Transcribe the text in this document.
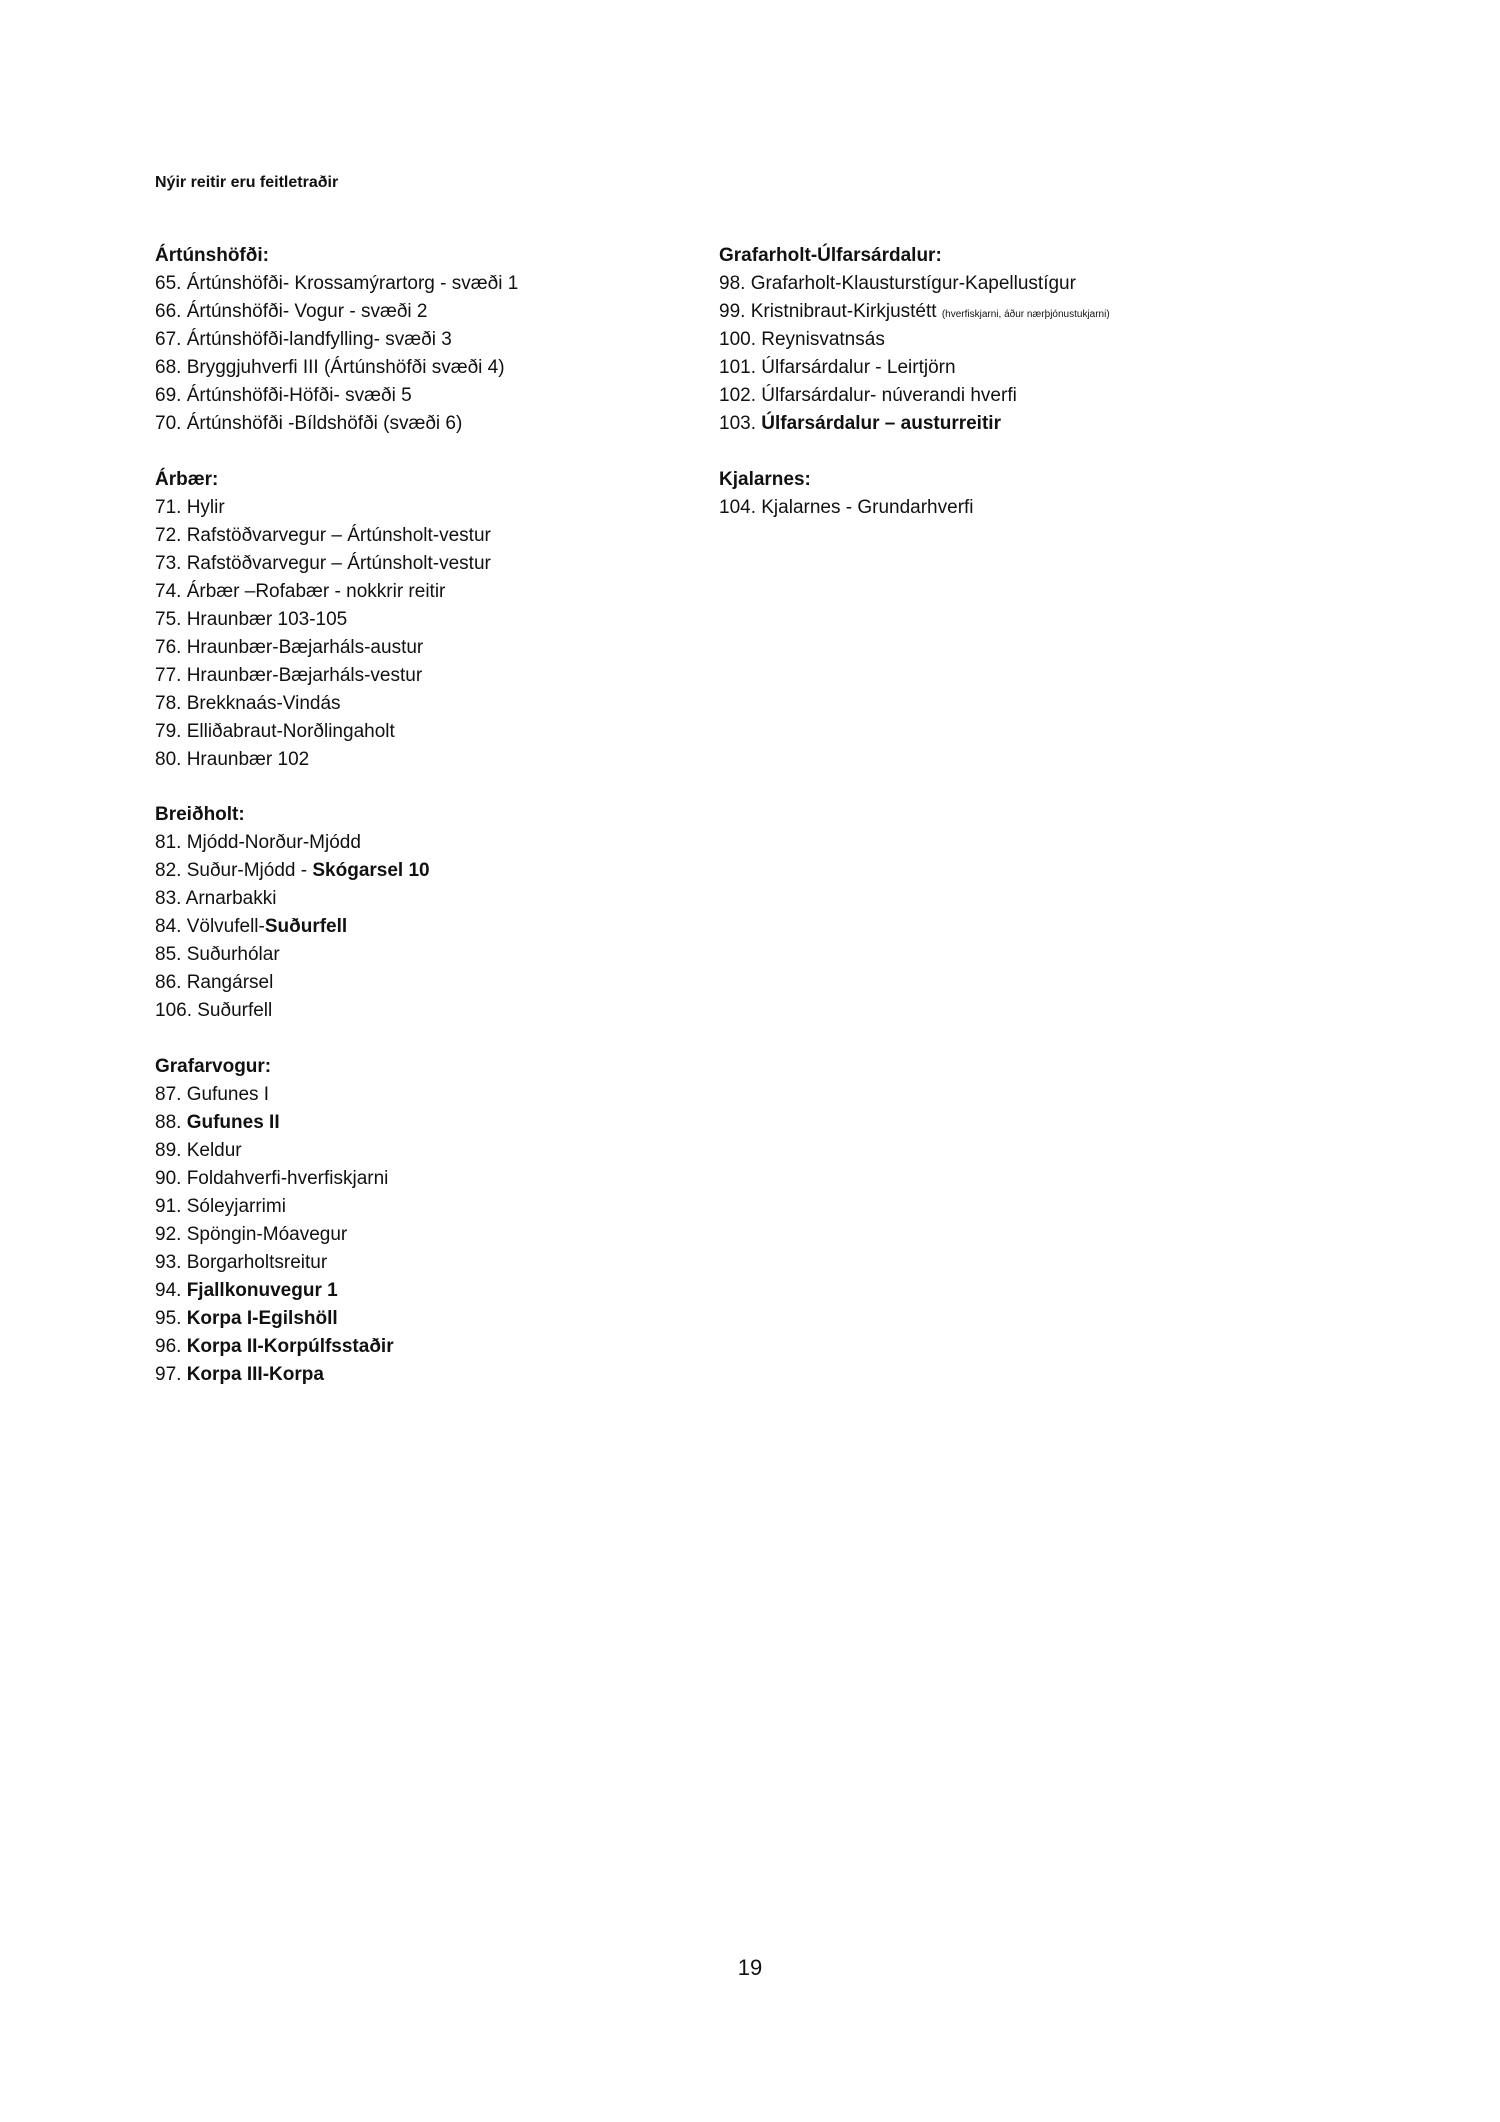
Nýir reitir eru feitletraðir
Ártúnshöfði:
65. Ártúnshöfði- Krossamýrartorg - svæði 1
66. Ártúnshöfði- Vogur - svæði 2
67. Ártúnshöfði-landfylling- svæði 3
68. Bryggjuhverfi III (Ártúnshöfði svæði 4)
69. Ártúnshöfði-Höfði- svæði 5
70. Ártúnshöfði -Bíldshöfði (svæði 6)
Árbær:
71. Hylir
72. Rafstöðvarvegur – Ártúnsholt-vestur
73. Rafstöðvarvegur – Ártúnsholt-vestur
74. Árbær –Rofabær - nokkrir reitir
75. Hraunbær 103-105
76. Hraunbær-Bæjarháls-austur
77. Hraunbær-Bæjarháls-vestur
78. Brekknaás-Vindás
79. Elliðabraut-Norðlingaholt
80. Hraunbær 102
Breiðholt:
81. Mjódd-Norður-Mjódd
82. Suður-Mjódd - Skógarsel 10
83. Arnarbakki
84. Völvufell-Suðurfell
85. Suðurhólar
86. Rangársel
106. Suðurfell
Grafarvogur:
87. Gufunes I
88. Gufunes II
89. Keldur
90. Foldahverfi-hverfiskjarni
91. Sóleyjarrimi
92. Spöngin-Móavegur
93. Borgarholtsreitur
94. Fjallkonuvegur 1
95. Korpa I-Egilshöll
96. Korpa II-Korpúlfsstaðir
97. Korpa III-Korpa
Grafarholt-Úlfarsárdalur:
98. Grafarholt-Klausturstígur-Kapellustígur
99. Kristnibraut-Kirkjustétt (hverfiskjarni, áður nærþjónustukjarni)
100. Reynisvatnsás
101. Úlfarsárdalur - Leirtjörn
102. Úlfarsárdalur- núverandi hverfi
103. Úlfarsárdalur – austurreitir
Kjalarnes:
104. Kjalarnes - Grundarhverfi
19
